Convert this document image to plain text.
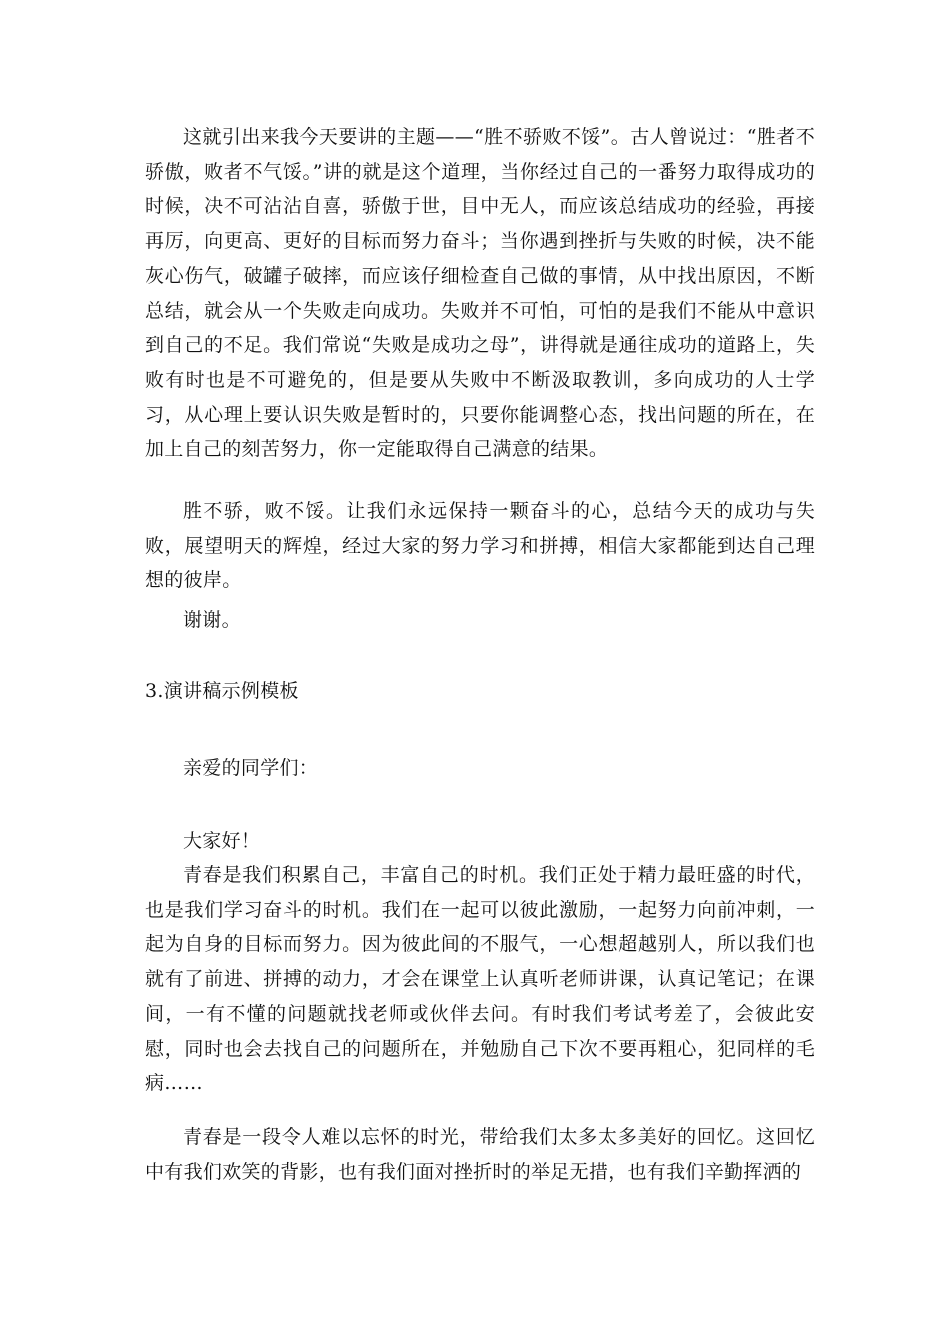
这就引出来我今天要讲的主题——“胜不骄败不馁”。古人曾说过：“胜者不骄傲，败者不气馁。”讲的就是这个道理，当你经过自己的一番努力取得成功的时候，决不可沾沾自喜，骄傲于世，目中无人，而应该总结成功的经验，再接再厉，向更高、更好的目标而努力奋斗；当你遇到挫折与失败的时候，决不能灰心伤气，破罐子破摔，而应该仔细检查自己做的事情，从中找出原因，不断总结，就会从一个失败走向成功。失败并不可怕，可怕的是我们不能从中意识到自己的不足。我们常说“失败是成功之母”，讲得就是通往成功的道路上，失败有时也是不可避免的，但是要从失败中不断汲取教训，多向成功的人士学习，从心理上要认识失败是暂时的，只要你能调整心态，找出问题的所在，在加上自己的刻苦努力，你一定能取得自己满意的结果。

胜不骄，败不馁。让我们永远保持一颗奋斗的心，总结今天的成功与失败，展望明天的辉煌，经过大家的努力学习和拼搏，相信大家都能到达自己理想的彼岸。

谢谢。

3.演讲稿示例模板

亲爱的同学们：

大家好！

青春是我们积累自己，丰富自己的时机。我们正处于精力最旺盛的时代，也是我们学习奋斗的时机。我们在一起可以彼此激励，一起努力向前冲刺，一起为自身的目标而努力。因为彼此间的不服气，一心想超越别人，所以我们也就有了前进、拼搏的动力，才会在课堂上认真听老师讲课，认真记笔记；在课间，一有不懂的问题就找老师或伙伴去问。有时我们考试考差了，会彼此安慰，同时也会去找自己的问题所在，并勉励自己下次不要再粗心，犯同样的毛病……

青春是一段令人难以忘怀的时光，带给我们太多太多美好的回忆。这回忆中有我们欢笑的背影，也有我们面对挫折时的举足无措，也有我们辛勤挥洒的
